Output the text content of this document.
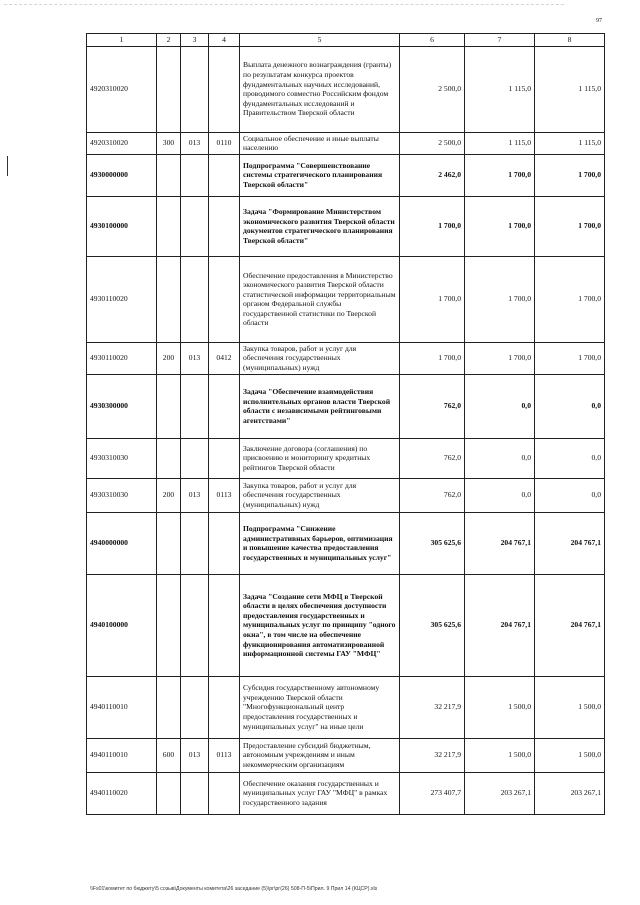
97
1	2	3	4	5	6	7	8
4920310020				Выплата денежного вознаграждения (гранты) по результатам конкурса проектов фундаментальных научных исследований, проводимого совместно Российским фондом фундаментальных исследований и Правительством Тверской области	2 500,0	1 115,0	1 115,0
4920310020	300	013	0110	Социальное обеспечение и иные выплаты населению	2 500,0	1 115,0	1 115,0
4930000000				Подпрограмма "Совершенствование системы стратегического планирования Тверской области"	2 462,0	1 700,0	1 700,0
4930100000				Задача "Формирование Министерством экономического развития Тверской области документов стратегического планирования Тверской области"	1 700,0	1 700,0	1 700,0
4930110020				Обеспечение предоставления в Министерство экономического развития Тверской области статистической информации территориальным органом Федеральной службы государственной статистики по Тверской области	1 700,0	1 700,0	1 700,0
4930110020	200	013	0412	Закупка товаров, работ и услуг для обеспечения государственных (муниципальных) нужд	1 700,0	1 700,0	1 700,0
4930300000				Задача "Обеспечение взаимодействия исполнительных органов власти Тверской области с независимыми рейтинговыми агентствами"	762,0	0,0	0,0
4930310030				Заключение договора (соглашения) по присвоению и мониторингу кредитных рейтингов Тверской области	762,0	0,0	0,0
4930310030	200	013	0113	Закупка товаров, работ и услуг для обеспечения государственных (муниципальных) нужд	762,0	0,0	0,0
4940000000				Подпрограмма "Снижение административных барьеров, оптимизация и повышение качества предоставления государственных и муниципальных услуг"	305 625,6	204 767,1	204 767,1
4940100000				Задача "Создание сети МФЦ в Тверской области в целях обеспечения доступности предоставления государственных и муниципальных услуг по принципу "одного окна", в том числе на обеспечение функционирования автоматизированной информационной системы ГАУ "МФЦ"	305 625,6	204 767,1	204 767,1
4940110010				Субсидия государственному автономному учреждению Тверской области "Многофункциональный центр предоставления государственных и муниципальных услуг" на иные цели	32 217,9	1 500,0	1 500,0
4940110010	600	013	0113	Предоставление субсидий бюджетным, автономным учреждениям и иным некоммерческим организациям	32 217,9	1 500,0	1 500,0
4940110020				Обеспечение оказания государственных и муниципальных услуг ГАУ "МФЦ" в рамках государственного задания	273 407,7	203 267,1	203 267,1
\\Fs01\комитет по бюджету\5 созыв\Документы комитета\26 заседание (5)\рг\рг(26) 508-П-5\Прил. 9 Прил 14 (КЦСР).xls
